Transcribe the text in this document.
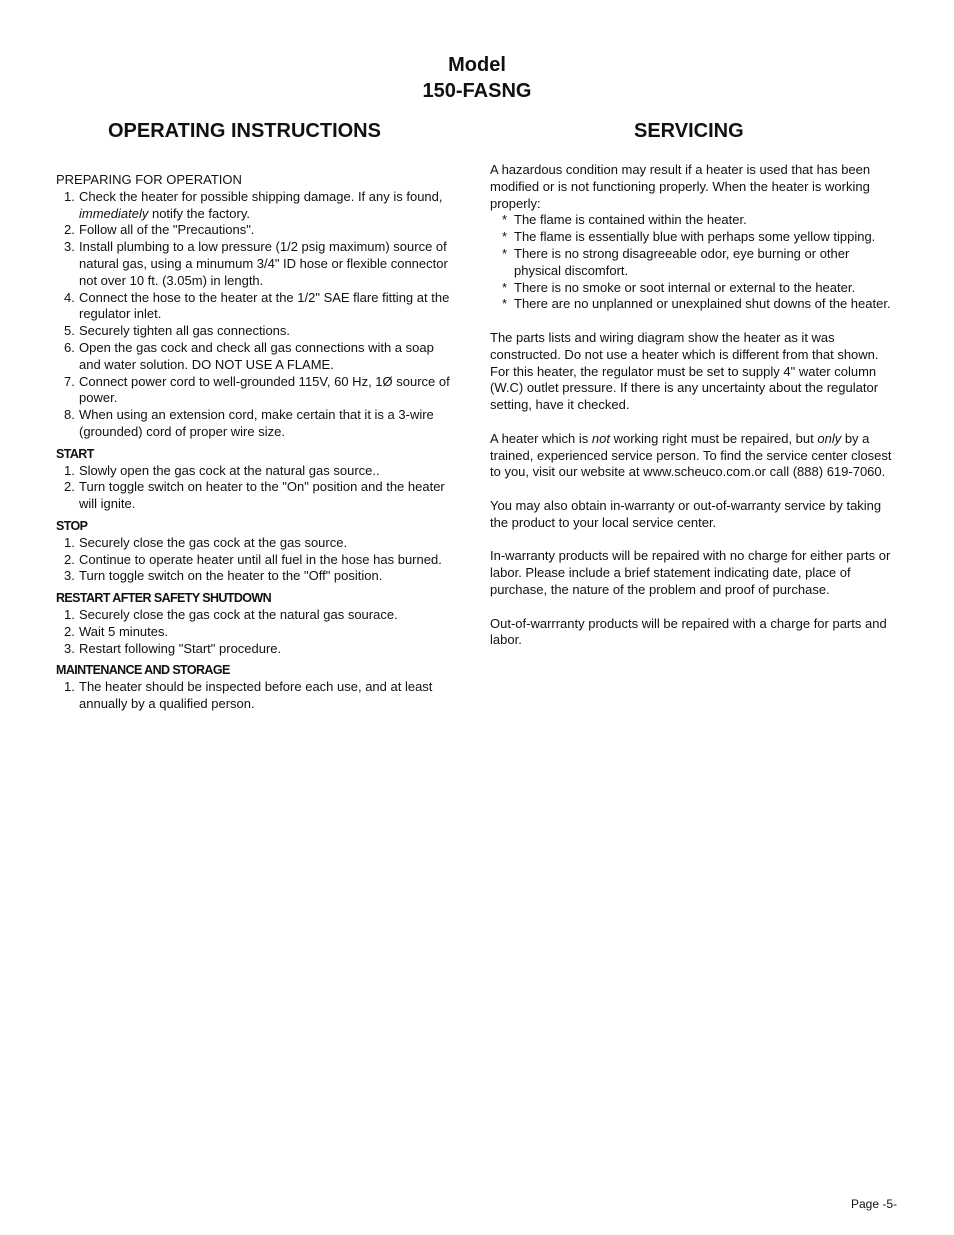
Model
150-FASNG
OPERATING INSTRUCTIONS	SERVICING
PREPARING FOR OPERATION
1. Check the heater for possible shipping damage. If any is found, immediately notify the factory.
2. Follow all of the "Precautions".
3. Install plumbing to a low pressure (1/2 psig maximum) source of natural gas, using a minumum 3/4" ID hose or flexible connector not over 10 ft. (3.05m) in length.
4. Connect the hose to the heater at the 1/2" SAE flare fitting at the regulator inlet.
5. Securely tighten all gas connections.
6. Open the gas cock and check all gas connections with a soap and water solution. DO NOT USE A FLAME.
7. Connect power cord to well-grounded 115V, 60 Hz, 1Ø source of power.
8. When using an extension cord, make certain that it is a 3-wire (grounded) cord of proper wire size.
START
1. Slowly open the gas cock at the natural gas source..
2. Turn toggle switch on heater to the "On" position and the heater will ignite.
STOP
1. Securely close the gas cock at the gas source.
2. Continue to operate heater until all fuel in the hose has burned.
3. Turn toggle switch on the heater to the "Off" position.
RESTART AFTER SAFETY SHUTDOWN
1. Securely close the gas cock at the natural gas sourace.
2. Wait 5 minutes.
3. Restart following "Start" procedure.
MAINTENANCE AND STORAGE
1. The heater should be inspected before each use, and at least annually by a qualified person.

A hazardous condition may result if a heater is used that has been modified or is not functioning properly. When the heater is working properly:

* The flame is contained within the heater.
* The flame is essentially blue with perhaps some yellow tipping.
* There is no strong disagreeable odor, eye burning or other physical discomfort.
* There is no smoke or soot internal or external to the heater.
* There are no unplanned or unexplained shut downs of the heater.

The parts lists and wiring diagram show the heater as it was constructed. Do not use a heater which is different from that shown. For this heater, the regulator must be set to supply 4" water column (W.C) outlet pressure. If there is any uncertainty about the regulator setting, have it checked.

A heater which is not working right must be repaired, but only by a trained, experienced service person. To find the service center closest to you, visit our website at www.scheuco.com.or call (888) 619-7060.

You may also obtain in-warranty or out-of-warranty service by taking the product to your local service center.

In-warranty products will be repaired with no charge for either parts or labor. Please include a brief statement indicating date, place of purchase, the nature of the problem and proof of purchase.

Out-of-warrranty products will be repaired with a charge for parts and labor.

Page -5-
